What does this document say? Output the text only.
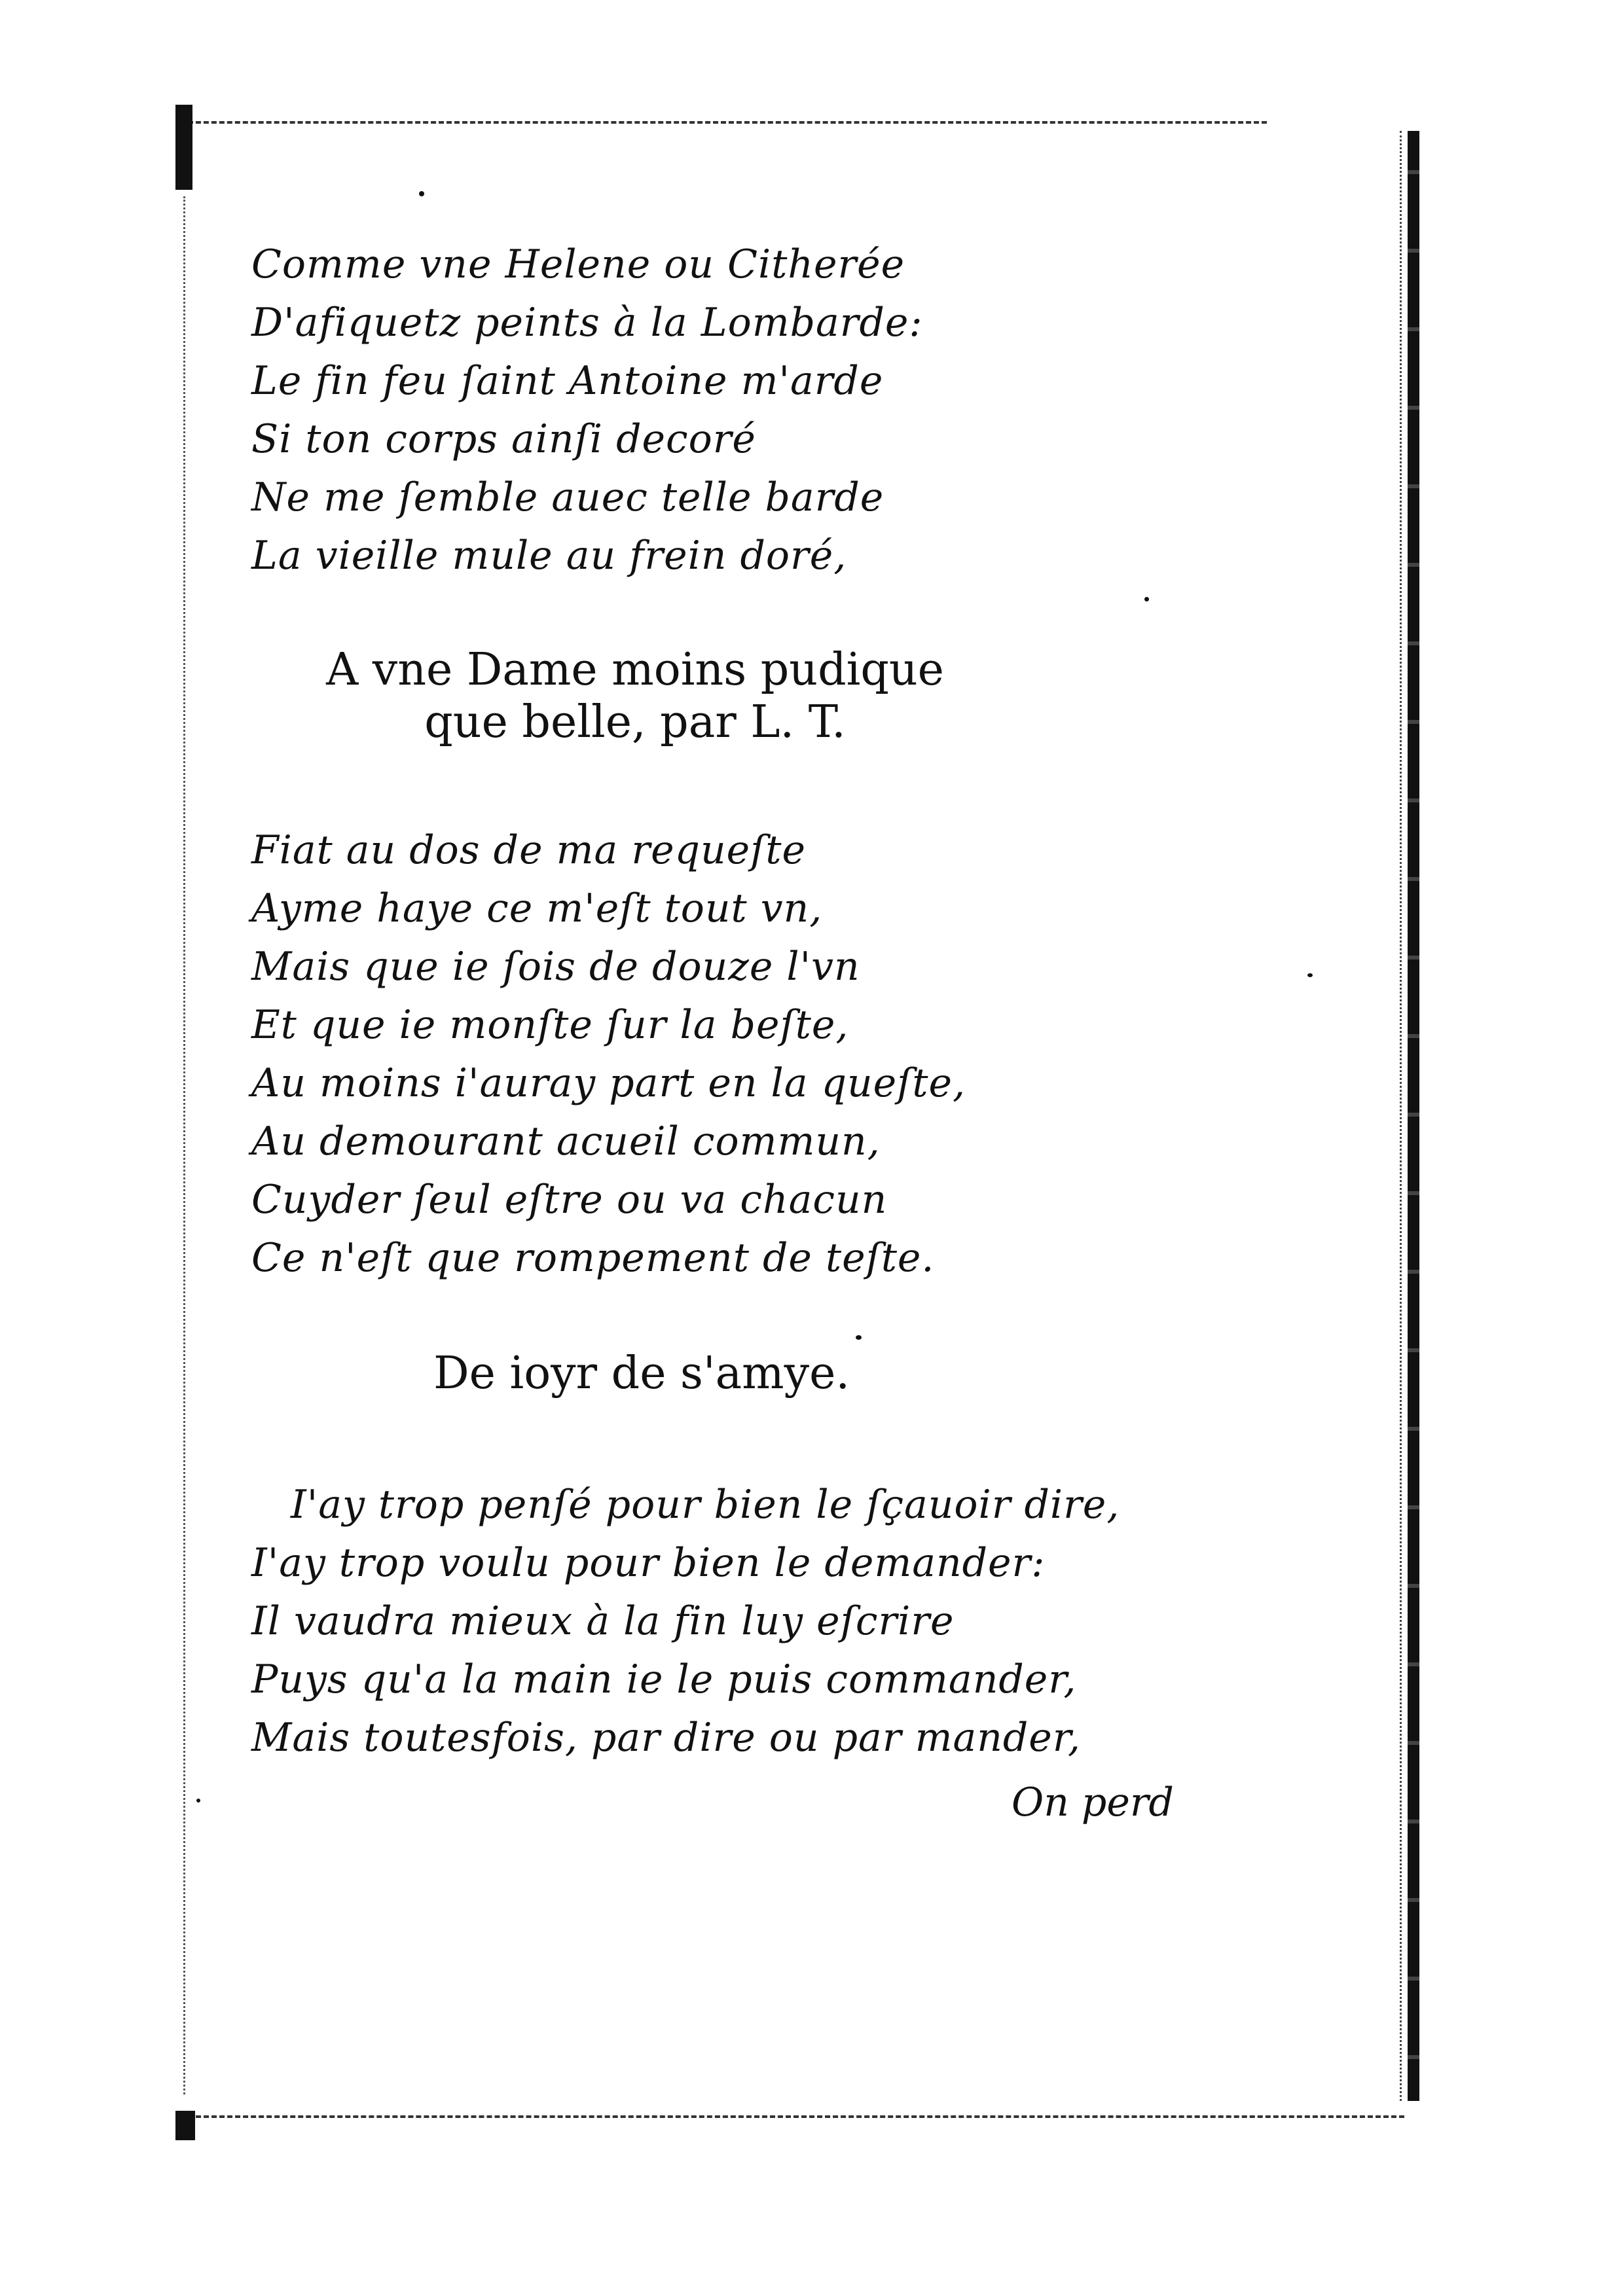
Comme vne Helene ou Citherée
D'afiquetz peints à la Lombarde:
Le fin feu ſaint Antoine m'arde
Si ton corps ainſi decoré
Ne me ſemble auec telle barde
La vieille mule au frein doré,
A vne Dame moins pudique
que belle, par L. T.
Fiat au dos de ma requeſte
Ayme haye ce m'eſt tout vn,
Mais que ie ſois de douze l'vn
Et que ie monſte ſur la beſte,
Au moins i'auray part en la queſte,
Au demourant acueil commun,
Cuyder ſeul eſtre ou va chacun
Ce n'eſt que rompement de teſte.
De ioyr de s'amye.
I'ay trop penſé pour bien le ſçauoir dire,
I'ay trop voulu pour bien le demander:
Il vaudra mieux à la fin luy eſcrire
Puys qu'a la main ie le puis commander,
Mais toutesfois, par dire ou par mander,
On perd
